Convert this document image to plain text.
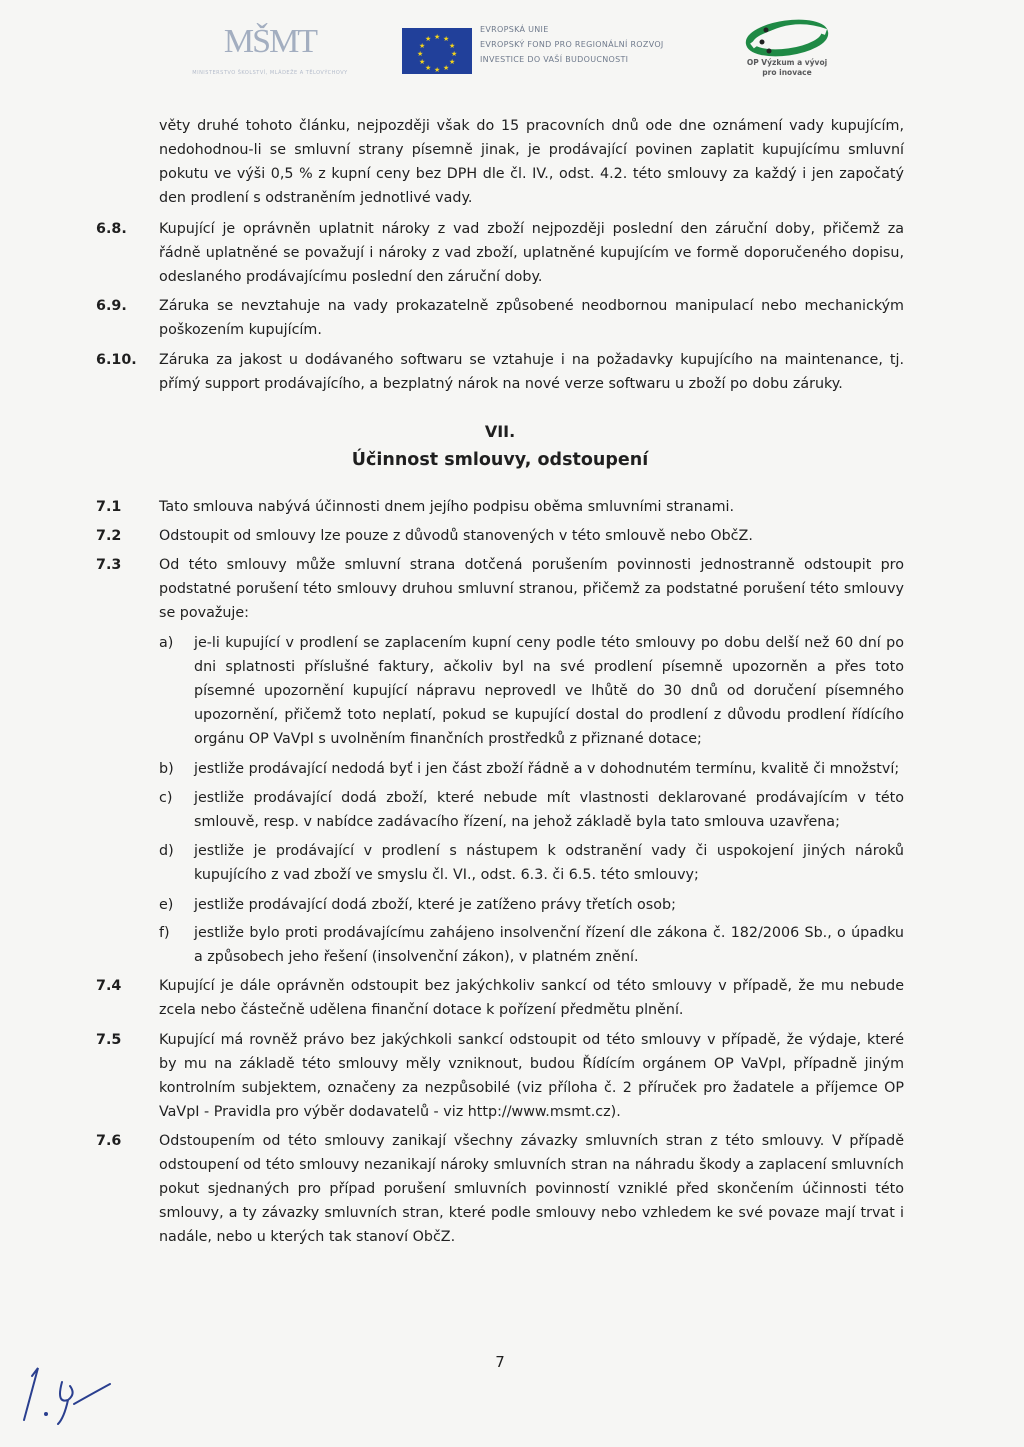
MŠMT
MINISTERSTVO ŠKOLSTVÍ, MLÁDEŽE A TĚLOVÝCHOVY
★ ★
★
★
★
★
★
★
★
★
★
★
EVROPSKÁ UNIE
EVROPSKÝ FOND PRO REGIONÁLNÍ ROZVOJ
INVESTICE DO VAŠÍ BUDOUCNOSTI	OP Výzkum a vývoj
pro inovace
věty druhé tohoto článku, nejpozději však do 15 pracovních dnů ode dne oznámení vady kupujícím, nedohodnou-li se smluvní strany písemně jinak, je prodávající povinen zaplatit kupujícímu smluvní pokutu ve výši 0,5 % z kupní ceny bez DPH dle čl. IV., odst. 4.2. této smlouvy za každý i jen započatý den prodlení s odstraněním jednotlivé vady.
6.8.	Kupující je oprávněn uplatnit nároky z vad zboží nejpozději poslední den záruční doby, přičemž za řádně uplatněné se považují i nároky z vad zboží, uplatněné kupujícím ve formě doporučeného dopisu, odeslaného prodávajícímu poslední den záruční doby.
6.9.	Záruka se nevztahuje na vady prokazatelně způsobené neodbornou manipulací nebo mechanickým poškozením kupujícím.
6.10.	Záruka za jakost u dodávaného softwaru se vztahuje i na požadavky kupujícího na maintenance, tj. přímý support prodávajícího, a bezplatný nárok na nové verze softwaru u zboží po dobu záruky.
VII.
Účinnost smlouvy, odstoupení
7.1	Tato smlouva nabývá účinnosti dnem jejího podpisu oběma smluvními stranami.
7.2	Odstoupit od smlouvy lze pouze z důvodů stanovených v této smlouvě nebo ObčZ.
7.3	Od této smlouvy může smluvní strana dotčená porušením povinnosti jednostranně odstoupit pro podstatné porušení této smlouvy druhou smluvní stranou, přičemž za podstatné porušení této smlouvy se považuje:
a)	je-li kupující v prodlení se zaplacením kupní ceny podle této smlouvy po dobu delší než 60 dní po dni splatnosti příslušné faktury, ačkoliv byl na své prodlení písemně upozorněn a přes toto písemné upozornění kupující nápravu neprovedl ve lhůtě do 30 dnů od doručení písemného upozornění, přičemž toto neplatí, pokud se kupující dostal do prodlení z důvodu prodlení řídícího orgánu OP VaVpI s uvolněním finančních prostředků z přiznané dotace;
b)	jestliže prodávající nedodá byť i jen část zboží řádně a v dohodnutém termínu, kvalitě či množství;
c)	jestliže prodávající dodá zboží, které nebude mít vlastnosti deklarované prodávajícím v této smlouvě, resp. v nabídce zadávacího řízení, na jehož základě byla tato smlouva uzavřena;
d)	jestliže je prodávající v prodlení s nástupem k odstranění vady či uspokojení jiných nároků kupujícího z vad zboží ve smyslu čl. VI., odst. 6.3. či 6.5. této smlouvy;
e)	jestliže prodávající dodá zboží, které je zatíženo právy třetích osob;
f)	jestliže bylo proti prodávajícímu zahájeno insolvenční řízení dle zákona č. 182/2006 Sb., o úpadku a způsobech jeho řešení (insolvenční zákon), v platném znění.
7.4	Kupující je dále oprávněn odstoupit bez jakýchkoliv sankcí od této smlouvy v případě, že mu nebude zcela nebo částečně udělena finanční dotace k pořízení předmětu plnění.
7.5	Kupující má rovněž právo bez jakýchkoli sankcí odstoupit od této smlouvy v případě, že výdaje, které by mu na základě této smlouvy měly vzniknout, budou Řídícím orgánem OP VaVpI, případně jiným kontrolním subjektem, označeny za nezpůsobilé (viz příloha č. 2 příruček pro žadatele a příjemce OP VaVpI - Pravidla pro výběr dodavatelů - viz http://www.msmt.cz).
7.6	Odstoupením od této smlouvy zanikají všechny závazky smluvních stran z této smlouvy. V případě odstoupení od této smlouvy nezanikají nároky smluvních stran na náhradu škody a zaplacení smluvních pokut sjednaných pro případ porušení smluvních povinností vzniklé před skončením účinnosti této smlouvy, a ty závazky smluvních stran, které podle smlouvy nebo vzhledem ke své povaze mají trvat i nadále, nebo u kterých tak stanoví ObčZ.
7
